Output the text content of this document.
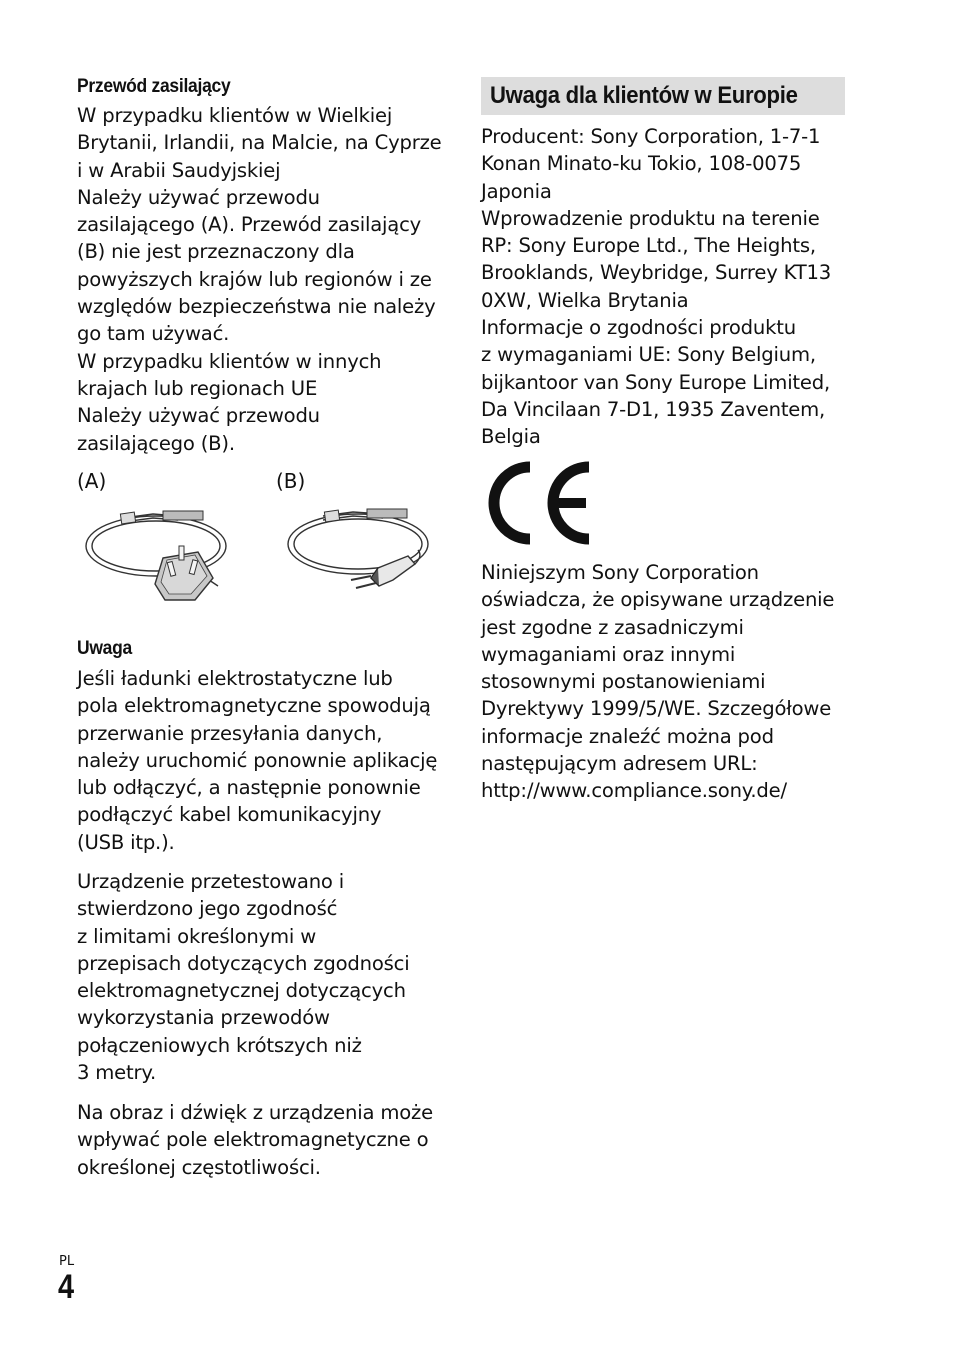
Przewód zasilający
W przypadku klientów w Wielkiej
Brytanii, Irlandii, na Malcie, na Cyprze
i w Arabii Saudyjskiej
Należy używać przewodu
zasilającego (A). Przewód zasilający
(B) nie jest przeznaczony dla
powyższych krajów lub regionów i ze
względów bezpieczeństwa nie należy
go tam używać.
W przypadku klientów w innych
krajach lub regionach UE
Należy używać przewodu
zasilającego (B).
(A)	(B)
Uwaga
Jeśli ładunki elektrostatyczne lub
pola elektromagnetyczne spowodują
przerwanie przesyłania danych,
należy uruchomić ponownie aplikację
lub odłączyć, a następnie ponownie
podłączyć kabel komunikacyjny
(USB itp.).
Urządzenie przetestowano i
stwierdzono jego zgodność
z limitami określonymi w
przepisach dotyczących zgodności
elektromagnetycznej dotyczących
wykorzystania przewodów
połączeniowych krótszych niż
3 metry.
Na obraz i dźwięk z urządzenia może
wpływać pole elektromagnetyczne o
określonej częstotliwości.
Uwaga dla klientów w Europie
Producent: Sony Corporation, 1-7-1
Konan Minato-ku Tokio, 108-0075
Japonia
Wprowadzenie produktu na terenie
RP: Sony Europe Ltd., The Heights,
Brooklands, Weybridge, Surrey KT13
0XW, Wielka Brytania
Informacje o zgodności produktu
z wymaganiami UE: Sony Belgium,
bijkantoor van Sony Europe Limited,
Da Vincilaan 7-D1, 1935 Zaventem,
Belgia
Niniejszym Sony Corporation
oświadcza, że opisywane urządzenie
jest zgodne z zasadniczymi
wymaganiami oraz innymi
stosownymi postanowieniami
Dyrektywy 1999/5/WE. Szczegółowe
informacje znaleźć można pod
następującym adresem URL:
http://www.compliance.sony.de/
PL
4
